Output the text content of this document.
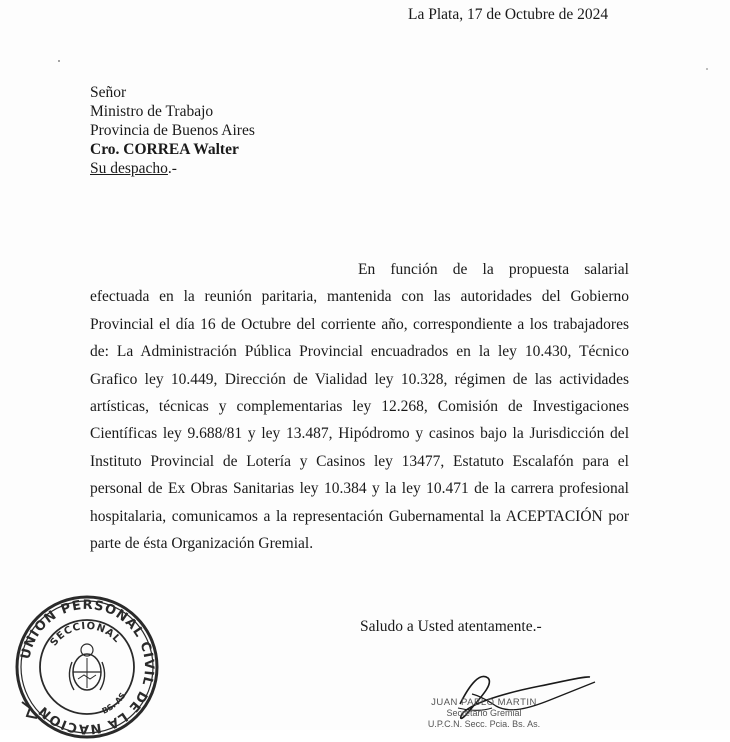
La Plata, 17 de Octubre de 2024
Señor
Ministro de Trabajo
Provincia de Buenos Aires
Cro. CORREA Walter
Su despacho.-
En función de la propuesta salarial efectuada en la reunión paritaria, mantenida con las autoridades del Gobierno Provincial el día 16 de Octubre del corriente año, correspondiente a los trabajadores de: La Administración Pública Provincial encuadrados en la ley 10.430, Técnico Grafico ley 10.449, Dirección de Vialidad ley 10.328, régimen de las actividades artísticas, técnicas y complementarias ley 12.268, Comisión de Investigaciones Científicas ley 9.688/81 y ley 13.487, Hipódromo y casinos bajo la Jurisdicción del Instituto Provincial de Lotería y Casinos ley 13477, Estatuto Escalafón para el personal de Ex Obras Sanitarias ley 10.384 y la ley 10.471 de la carrera profesional hospitalaria, comunicamos a la representación Gubernamental la ACEPTACIÓN por parte de ésta Organización Gremial.
Saludo a Usted atentamente.-
UNION PERSONAL CIVIL DE LA NACION
SECCIONAL
BS. AS.
JUAN PABLO MARTIN
Secretario Gremial
U.P.C.N. Secc. Pcia. Bs. As.
